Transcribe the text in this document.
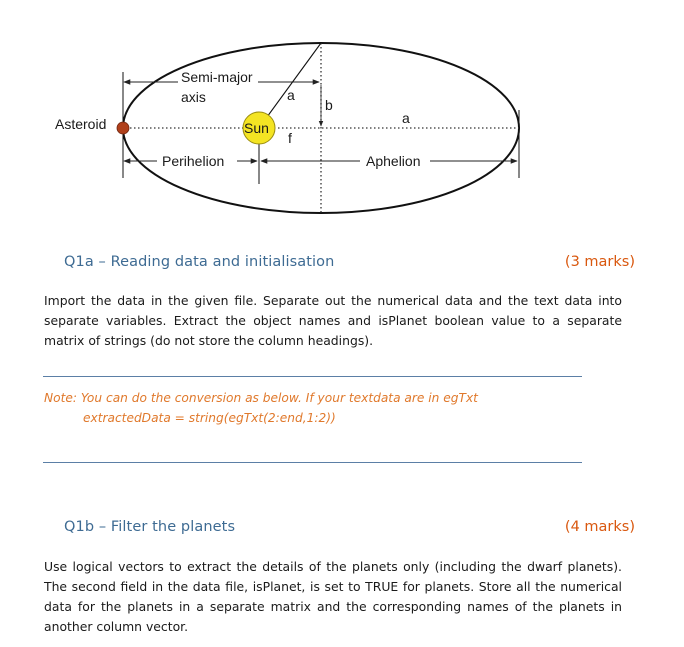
Asteroid
Semi-major
axis	a
b
a
Sun
f
Perihelion	Aphelion
Q1a – Reading data and initialisation	(3 marks)

Import the data in the given file. Separate out the numerical data and the text data into separate variables. Extract the object names and isPlanet boolean value to a separate matrix of strings (do not store the column headings).

Note: You can do the conversion as below. If your textdata are in egTxt
extractedData = string(egTxt(2:end,1:2))
Q1b – Filter the planets	(4 marks)

Use logical vectors to extract the details of the planets only (including the dwarf planets). The second field in the data file, isPlanet, is set to TRUE for planets. Store all the numerical data for the planets in a separate matrix and the corresponding names of the planets in another column vector.
